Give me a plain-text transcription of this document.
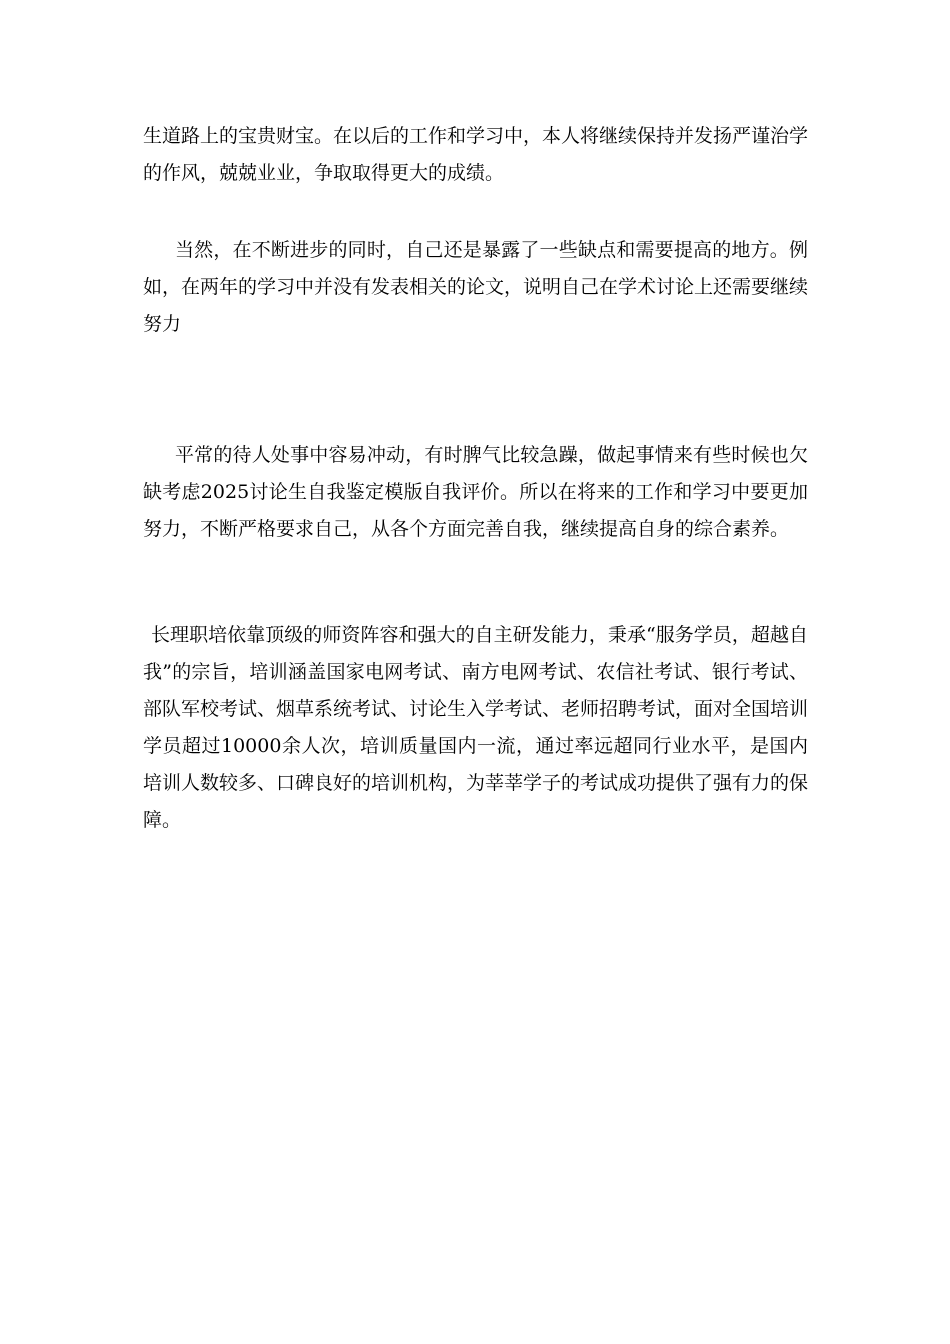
生道路上的宝贵财宝。在以后的工作和学习中，本人将继续保持并发扬严谨治学的作风，兢兢业业，争取取得更大的成绩。

当然，在不断进步的同时，自己还是暴露了一些缺点和需要提高的地方。例如，在两年的学习中并没有发表相关的论文，说明自己在学术讨论上还需要继续努力

平常的待人处事中容易冲动，有时脾气比较急躁，做起事情来有些时候也欠缺考虑2025讨论生自我鉴定模版自我评价。所以在将来的工作和学习中要更加努力，不断严格要求自己，从各个方面完善自我，继续提高自身的综合素养。

长理职培依靠顶级的师资阵容和强大的自主研发能力，秉承“服务学员，超越自我”的宗旨，培训涵盖国家电网考试、南方电网考试、农信社考试、银行考试、部队军校考试、烟草系统考试、讨论生入学考试、老师招聘考试，面对全国培训学员超过10000余人次，培训质量国内一流，通过率远超同行业水平，是国内培训人数较多、口碑良好的培训机构，为莘莘学子的考试成功提供了强有力的保障。
